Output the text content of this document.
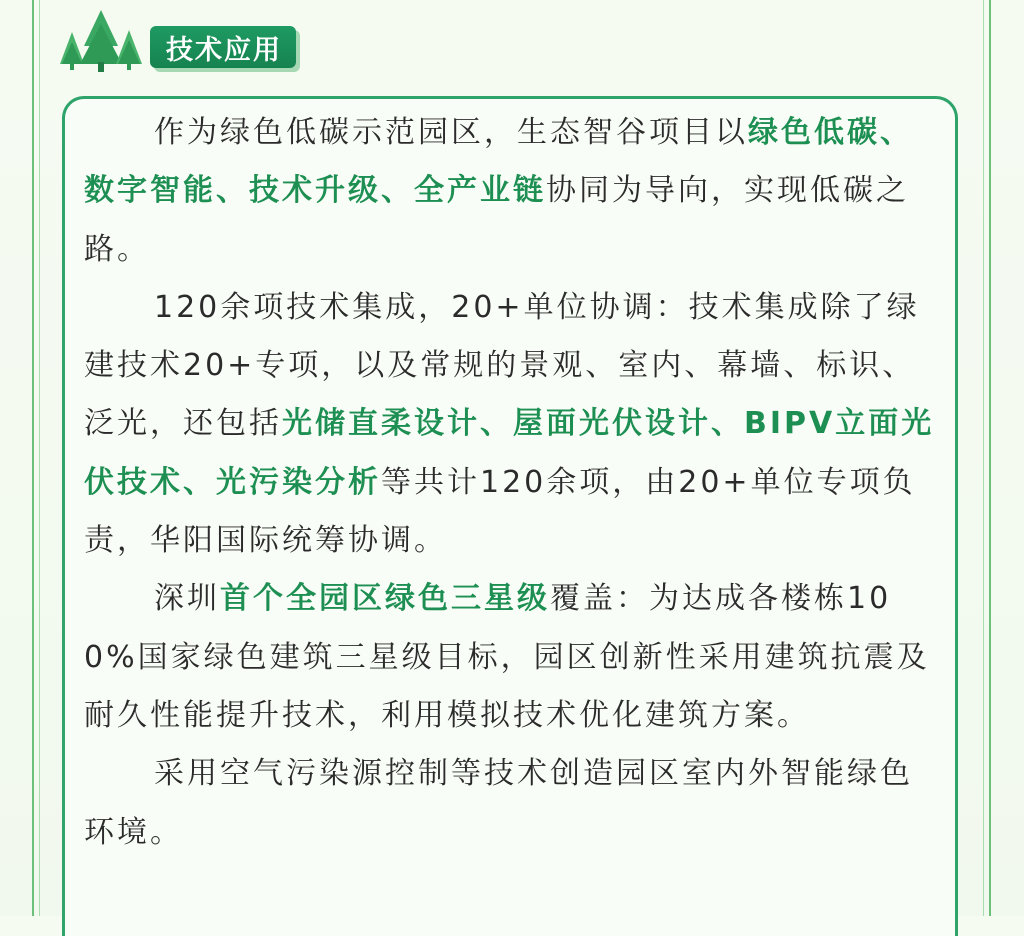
技术应用

作为绿色低碳示范园区，生态智谷项目以绿色低碳、数字智能、技术升级、全产业链协同为导向，实现低碳之路。

120余项技术集成，20+单位协调：技术集成除了绿建技术20+专项，以及常规的景观、室内、幕墙、标识、泛光，还包括光储直柔设计、屋面光伏设计、BIPV立面光伏技术、光污染分析等共计120余项，由20+单位专项负责，华阳国际统筹协调。

深圳首个全园区绿色三星级覆盖：为达成各楼栋100%国家绿色建筑三星级目标，园区创新性采用建筑抗震及耐久性能提升技术，利用模拟技术优化建筑方案。

采用空气污染源控制等技术创造园区室内外智能绿色环境。
